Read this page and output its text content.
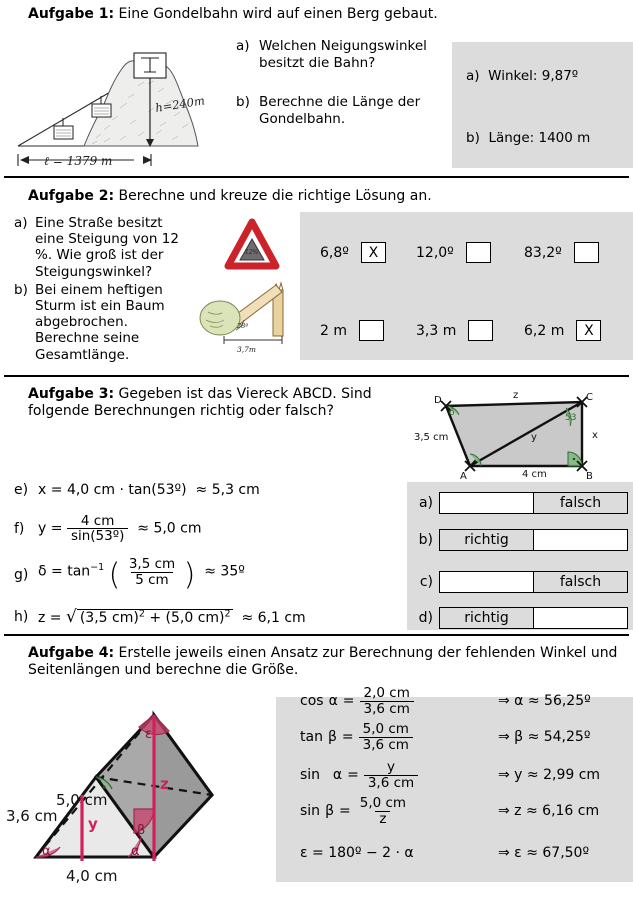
Aufgabe 1: Eine Gondelbahn wird auf einen Berg gebaut.
h=240m
ℓ = 1379 m
a) Welchen Neigungswinkel besitzt die Bahn?
b) Berechne die Länge der Gondelbahn.
a) Winkel: 9,87º
b) Länge: 1400 m
Aufgabe 2: Berechne und kreuze die richtige Lösung an.
a) Eine Straße besitzt eine Steigung von 12 %. Wie groß ist der Steigungswinkel?
b) Bei einem heftigen Sturm ist ein Baum abgebrochen. Berechne seine Gesamtlänge.
12%
28º
3,7m
6,8º	X	12,0º	83,2º
2 m	3,3 m	6,2 m	X
Aufgabe 3: Gegeben ist das Viereck ABCD. Sind folgende Berechnungen richtig oder falsch?
D	C
B
A
z
x
4 cm
3,5 cm	y
53
δ
e) x = 4,0 cm · tan(53º)  ≈ 5,3 cm
f) $y = \frac{4 cm}{\text{sin(53º)}} \approx 5,0$ cm
g) $\delta = \tan^{-1}$ ( $\frac{3,5 cm}{5 cm}$ )  ≈ 35º
h) z = √ (3,5 cm)$^2$ + (5,0 cm)$^2$  ≈ 6,1 cm
a)	falsch
b)	richtig
c)	falsch
d)	richtig
Aufgabe 4: Erstelle jeweils einen Ansatz zur Berechnung der fehlenden Winkel und Seitenlängen und berechne die Größe.
5,0 cm
3,6 cm
4,0 cm
y
z
ε
β
α	α
$\cos \alpha = \frac{2,0 cm}{3,6 cm}$	⇒ α ≈ 56,25º
$\tan \beta = \frac{5,0 cm}{3,6 cm}$	⇒ β ≈ 54,25º
sin
  $\alpha = \frac{y}{3,6 cm}$	⇒ y ≈ 2,99 cm
$\sin \beta = \frac{5,0 cm}{z}$	⇒ z ≈ 6,16 cm
ε = 180º − 2 · α	⇒ ε ≈ 67,50º
